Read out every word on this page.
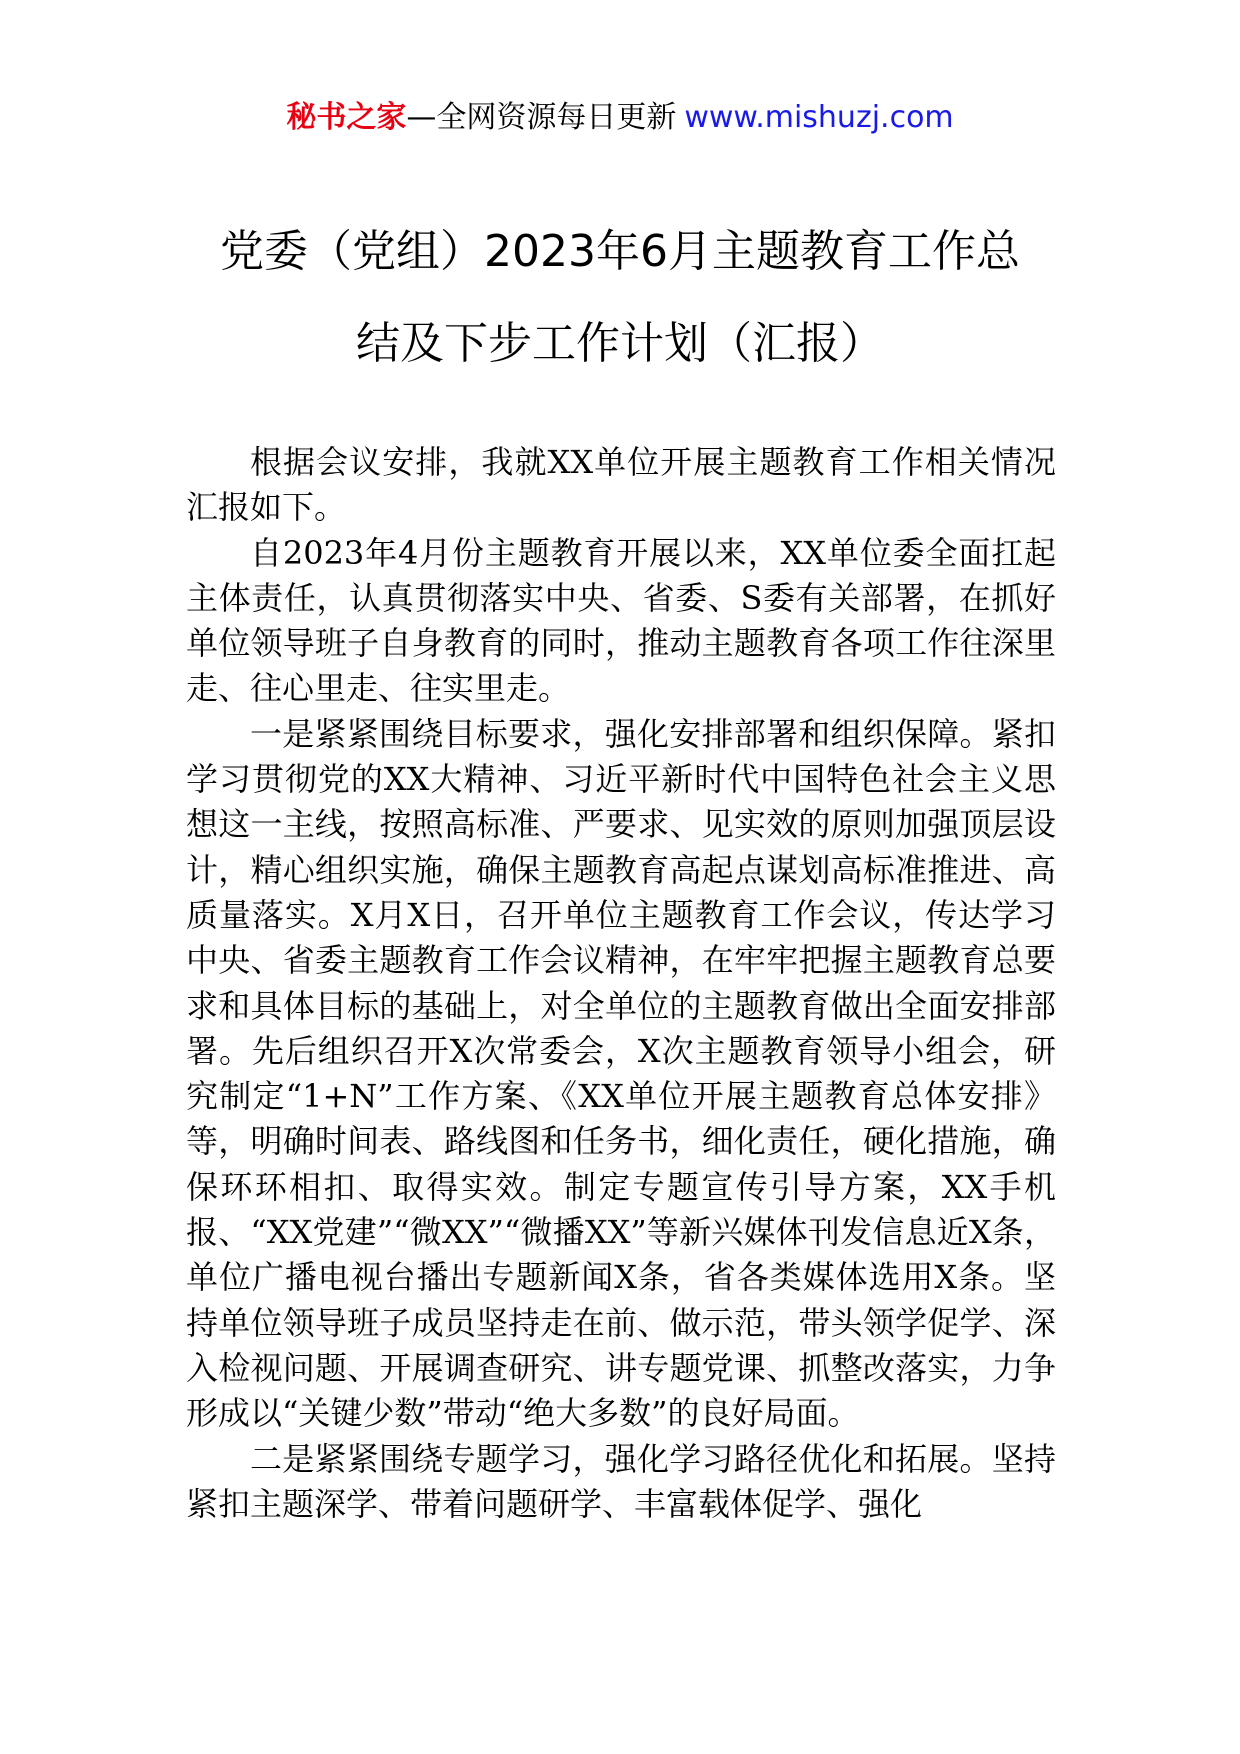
秘书之家—全网资源每日更新 www.mishuzj.com
党委（党组）2023年6月主题教育工作总
结及下步工作计划（汇报）

根据会议安排，我就XX单位开展主题教育工作相关情况汇报如下。

自2023年4月份主题教育开展以来，XX单位委全面扛起主体责任，认真贯彻落实中央、省委、S委有关部署，在抓好单位领导班子自身教育的同时，推动主题教育各项工作往深里走、往心里走、往实里走。

一是紧紧围绕目标要求，强化安排部署和组织保障。紧扣学习贯彻党的XX大精神、习近平新时代中国特色社会主义思想这一主线，按照高标准、严要求、见实效的原则加强顶层设计，精心组织实施，确保主题教育高起点谋划高标准推进、高质量落实。X月X日，召开单位主题教育工作会议，传达学习中央、省委主题教育工作会议精神，在牢牢把握主题教育总要求和具体目标的基础上，对全单位的主题教育做出全面安排部署。先后组织召开X次常委会，X次主题教育领导小组会，研究制定“1+N”工作方案、《XX单位开展主题教育总体安排》等，明确时间表、路线图和任务书，细化责任，硬化措施，确保环环相扣、取得实效。制定专题宣传引导方案，XX手机报、“XX党建”“微XX”“微播XX”等新兴媒体刊发信息近X条，单位广播电视台播出专题新闻X条，省各类媒体选用X条。坚持单位领导班子成员坚持走在前、做示范，带头领学促学、深入检视问题、开展调查研究、讲专题党课、抓整改落实，力争形成以“关键少数”带动“绝大多数”的良好局面。

二是紧紧围绕专题学习，强化学习路径优化和拓展。坚持紧扣主题深学、带着问题研学、丰富载体促学、强化
